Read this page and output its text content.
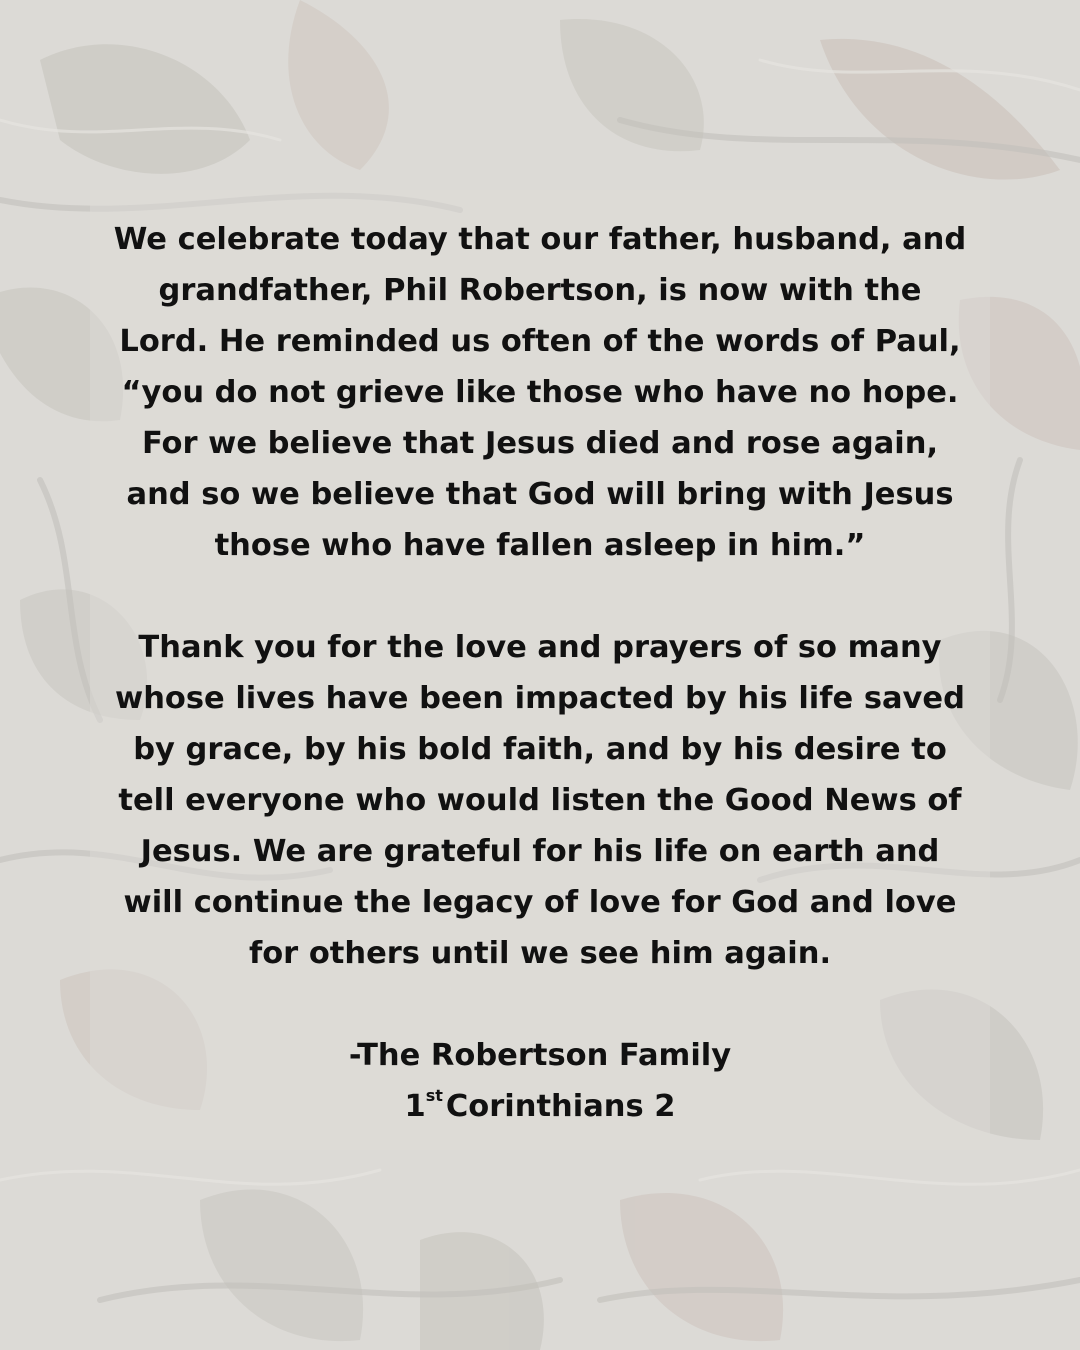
We celebrate today that our father, husband, and
grandfather, Phil Robertson, is now with the
Lord. He reminded us often of the words of Paul,
“you do not grieve like those who have no hope.
For we believe that Jesus died and rose again,
and so we believe that God will bring with Jesus
those who have fallen asleep in him.”
Thank you for the love and prayers of so many
whose lives have been impacted by his life saved
by grace, by his bold faith, and by his desire to
tell everyone who would listen the Good News of
Jesus. We are grateful for his life on earth and
will continue the legacy of love for God and love
for others until we see him again.
-The Robertson Family
1stCorinthians 2
